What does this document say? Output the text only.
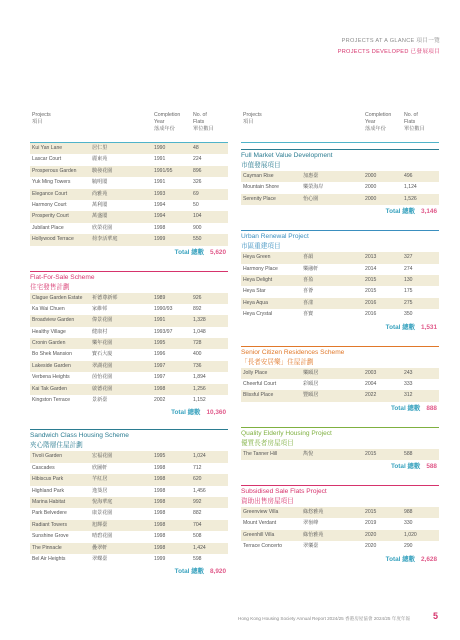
PROJECTS AT A GLANCE 項目一覽
PROJECTS DEVELOPED 已發展項目
Projects
項目
Completion
Year
落成年份
No. of
Flats
單位數目
Kui Yan Lane	居仁里	1990	48
Lascar Court	麗東苑	1991	224
Prosperous Garden	駿發花園	1991/95	896
Yuk Ming Towers	毓明閣	1991	326
Elegance Court	尚雅苑	1993	69
Harmony Court	萬利閣	1994	50
Prosperity Court	萬盛閣	1994	104
Jubilant Place	欣榮花園	1998	900
Hollywood Terrace	荷李活華庭	1999	550
Total 總數 5,620
Flat-For-Sale Scheme
住宅發售計劃
Clague Garden Estate 祈德尊新邨	1989	926
Ka Wai Chuen	家維邨	1990/93	892
Broadview Garden	偉景花園	1991	1,328
Healthy Village	健康村	1993/97	1,048
Cronin Garden	樂年花園	1995	728
Bo Shek Mansion	寶石大廈	1996	400
Lakeside Garden	翠湖花園	1997	736
Verbena Heights	茵怡花園	1997	1,894
Kai Tak Garden	啟德花園	1998	1,256
Kingston Terrace	景新臺	2002	1,152
Total 總數 10,360
Sandwich Class Housing Scheme
夾心階層住屋計劃
Tivoli Garden	宏福花園	1995	1,024
Cascades	欣圖軒	1998	712
Hibiscus Park	芊紅居	1998	620
Highland Park	逸葵居	1998	1,456
Marina Habitat	悅海華庭	1998	992
Park Belvedere	康景花園	1998	882
Radiant Towers	旭輝臺	1998	704
Sunshine Grove	晴碧花園	1998	508
The Pinnacle	疊翠軒	1998	1,424
Bel Air Heights	翠蝶臺	1999	598
Total 總數 8,920
Projects
項目
Completion
Year
落成年份
No. of
Flats
單位數目
Full Market Value Development
市值發展項目
Cayman Rise	加惠臺	2000	496
Mountain Shore	樂榮海岸	2000	1,124
Serenity Place	怡心園	2000	1,526
Total 總數 3,146
Urban Renewal Project
市區重建項目
Heya Green	喜韻	2013	327
Harmony Place	樂融軒	2014	274
Heya Delight	喜盈	2015	130
Heya Star	喜薈	2015	175
Heya Aqua	喜漾	2016	275
Heya Crystal	喜寶	2016	350
Total 總數 1,531
Senior Citizen Residences Scheme
「長者安居樂」住屋計劃
Jolly Place	樂頤居	2003	243
Cheerful Court	彩頤居	2004	333
Blissful Place	豐頤居	2022	312
Total 總數 888
Quality Elderly Housing Project
優質長者房屋項目
The Tanner Hill	雋悅	2015	588
Total 總數 588
Subsidised Sale Flats Project
資助出售房屋項目
Greenview Villa	綠悠雅苑	2015	988
Mount Verdant	翠嶺峰	2019	330
Greenhill Villa	綠怡雅苑	2020	1,020
Terrace Concerto	翠樂臺	2020	290
Total 總數 2,628
Hong Kong Housing Society Annual Report 2024/25 香港房屋協會 2024/25 年度年報	5
